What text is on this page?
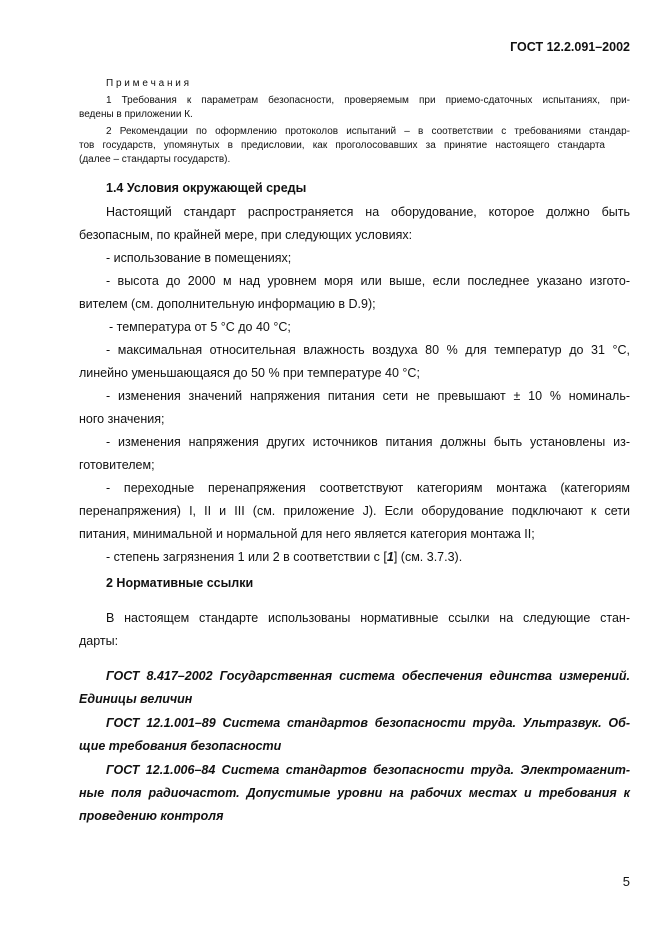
ГОСТ 12.2.091–2002
П р и м е ч а н и я
1 Требования к параметрам безопасности, проверяемым при приемо-сдаточных испытаниях, при-
ведены в приложении К.
2 Рекомендации по оформлению протоколов испытаний – в соответствии с требованиями стандар-
тов государств, упомянутых в предисловии, как проголосовавших за принятие настоящего стандарта
(далее – стандарты государств).
1.4 Условия окружающей среды
Настоящий стандарт распространяется на оборудование, которое должно быть
безопасным, по крайней мере, при следующих условиях:
- использование в помещениях;
- высота до 2000 м над уровнем моря или выше, если последнее указано изгото-
вителем (см. дополнительную информацию в D.9);
- температура от 5 °С до 40 °С;
- максимальная относительная влажность воздуха 80 % для температур до 31 °С,
линейно уменьшающаяся до 50 % при температуре 40 °С;
- изменения значений напряжения питания сети не превышают ± 10 % номиналь-
ного значения;
- изменения напряжения других источников питания должны быть установлены из-
готовителем;
- переходные перенапряжения соответствуют категориям монтажа (категориям
перенапряжения) I, II и III (см. приложение J). Если оборудование подключают к сети
питания, минимальной и нормальной для него является категория монтажа II;
- степень загрязнения 1 или 2 в соответствии с [1] (см. 3.7.3).
2 Нормативные ссылки
В настоящем стандарте использованы нормативные ссылки на следующие стан-
дарты:
ГОСТ 8.417–2002 Государственная система обеспечения единства измерений.
Единицы величин
ГОСТ 12.1.001–89 Система стандартов безопасности труда. Ультразвук. Об-
щие требования безопасности
ГОСТ 12.1.006–84 Система стандартов безопасности труда. Электромагнит-
ные поля радиочастот. Допустимые уровни на рабочих местах и требования к
проведению контроля
5
